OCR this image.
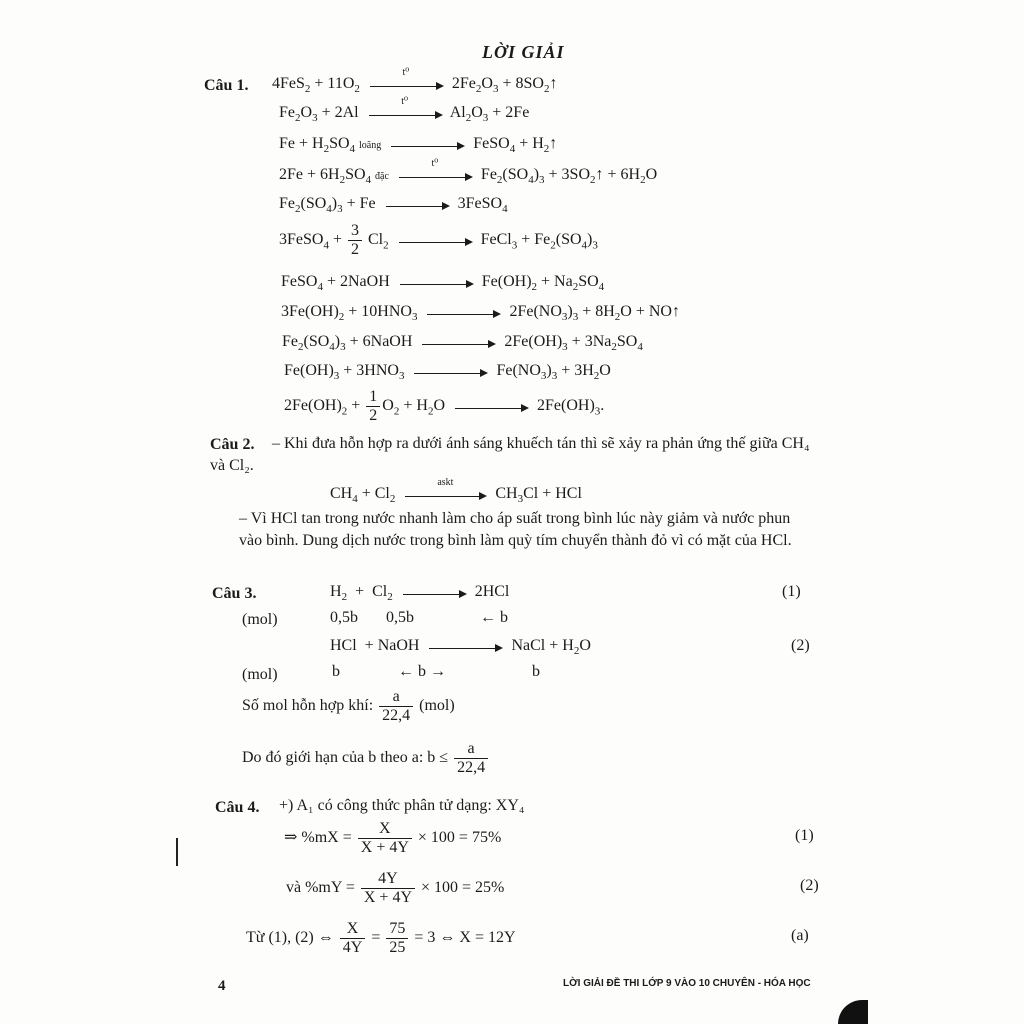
LỜI GIẢI
Câu 1. $4FeS_2 + 11O_2$
t⁰
$2Fe_2O_3$ + $8SO_2↑$
$Fe_2O_3 + 2Al$
t⁰
$Al_2O_3 + 2Fe$
$Fe + H_2SO_4$ loãng	FeSO$_4$ + $H_2↑$
$2Fe + 6H_2SO_4$ đặc
t⁰
$Fe_2(SO_4)_3$ + $3SO_2↑ + 6H_2O$
$Fe_2(SO_4)_3 + Fe$	3FeSO$_4$
3FeSO$_4$ + $\frac{3}{2} Cl_2$	FeCl$_3$ + $Fe_2(SO_4)_3$
FeSO$_4$ + 2NaOH	$Fe(OH)_2 + Na_2SO_4$
$3Fe(OH)_2 + 10HNO_3$	$2Fe(NO_3)_3 + 8H_2O$ + NO↑
$Fe_2(SO_4)_3$ + 6NaOH	$2Fe(OH)_3 + 3Na_2SO_4$
$Fe(OH)_3 + 3HNO_3$	$Fe(NO_3)_3 + 3H_2O$
$2Fe(OH)_2 + \frac{1}{2} O_2 + H_2O$	$2Fe(OH)_3$.
Câu 2.	– Khi đưa hỗn hợp ra dưới ánh sáng khuếch tán thì sẽ xảy ra phản ứng thế giữa CH₄ và Cl₂.
$CH_4 + Cl_2$
askt
$CH_3Cl$ + HCl
– Vì HCl tan trong nước nhanh làm cho áp suất trong bình lúc này giảm và nước phun vào bình. Dung dịch nước trong bình làm quỳ tím chuyển thành đỏ vì có mặt của HCl.
Câu 3.	$H_2 + Cl_2$	2HCl	(1)
(mol)	0,5b 0,5b	← b
HCl  + NaOH	NaCl + $H_2O$	(2)
(mol)	b	← b →	b
Số mol hỗn hợp khí: $\frac{a}{22,4} (mol)$
Do đó giới hạn của b theo a: $b \le \frac{a}{22,4}$
Câu 4. +) A₁ có công thức phân tử dạng: XY₄
⇒ $\%mX = \frac{X}{X + 4Y} \times 100 = 75\%$	(1)
và $\%mY = \frac{4Y}{X + 4Y} \times 100 = 25\%$	(2)
Từ (1), (2) ⇔ $\frac{X}{4Y} = \frac{75}{25} = 3$ ⇔ X = 12Y	(a)
4	LỜI GIẢI ĐỀ THI LỚP 9 VÀO 10 CHUYÊN - HÓA HỌC
